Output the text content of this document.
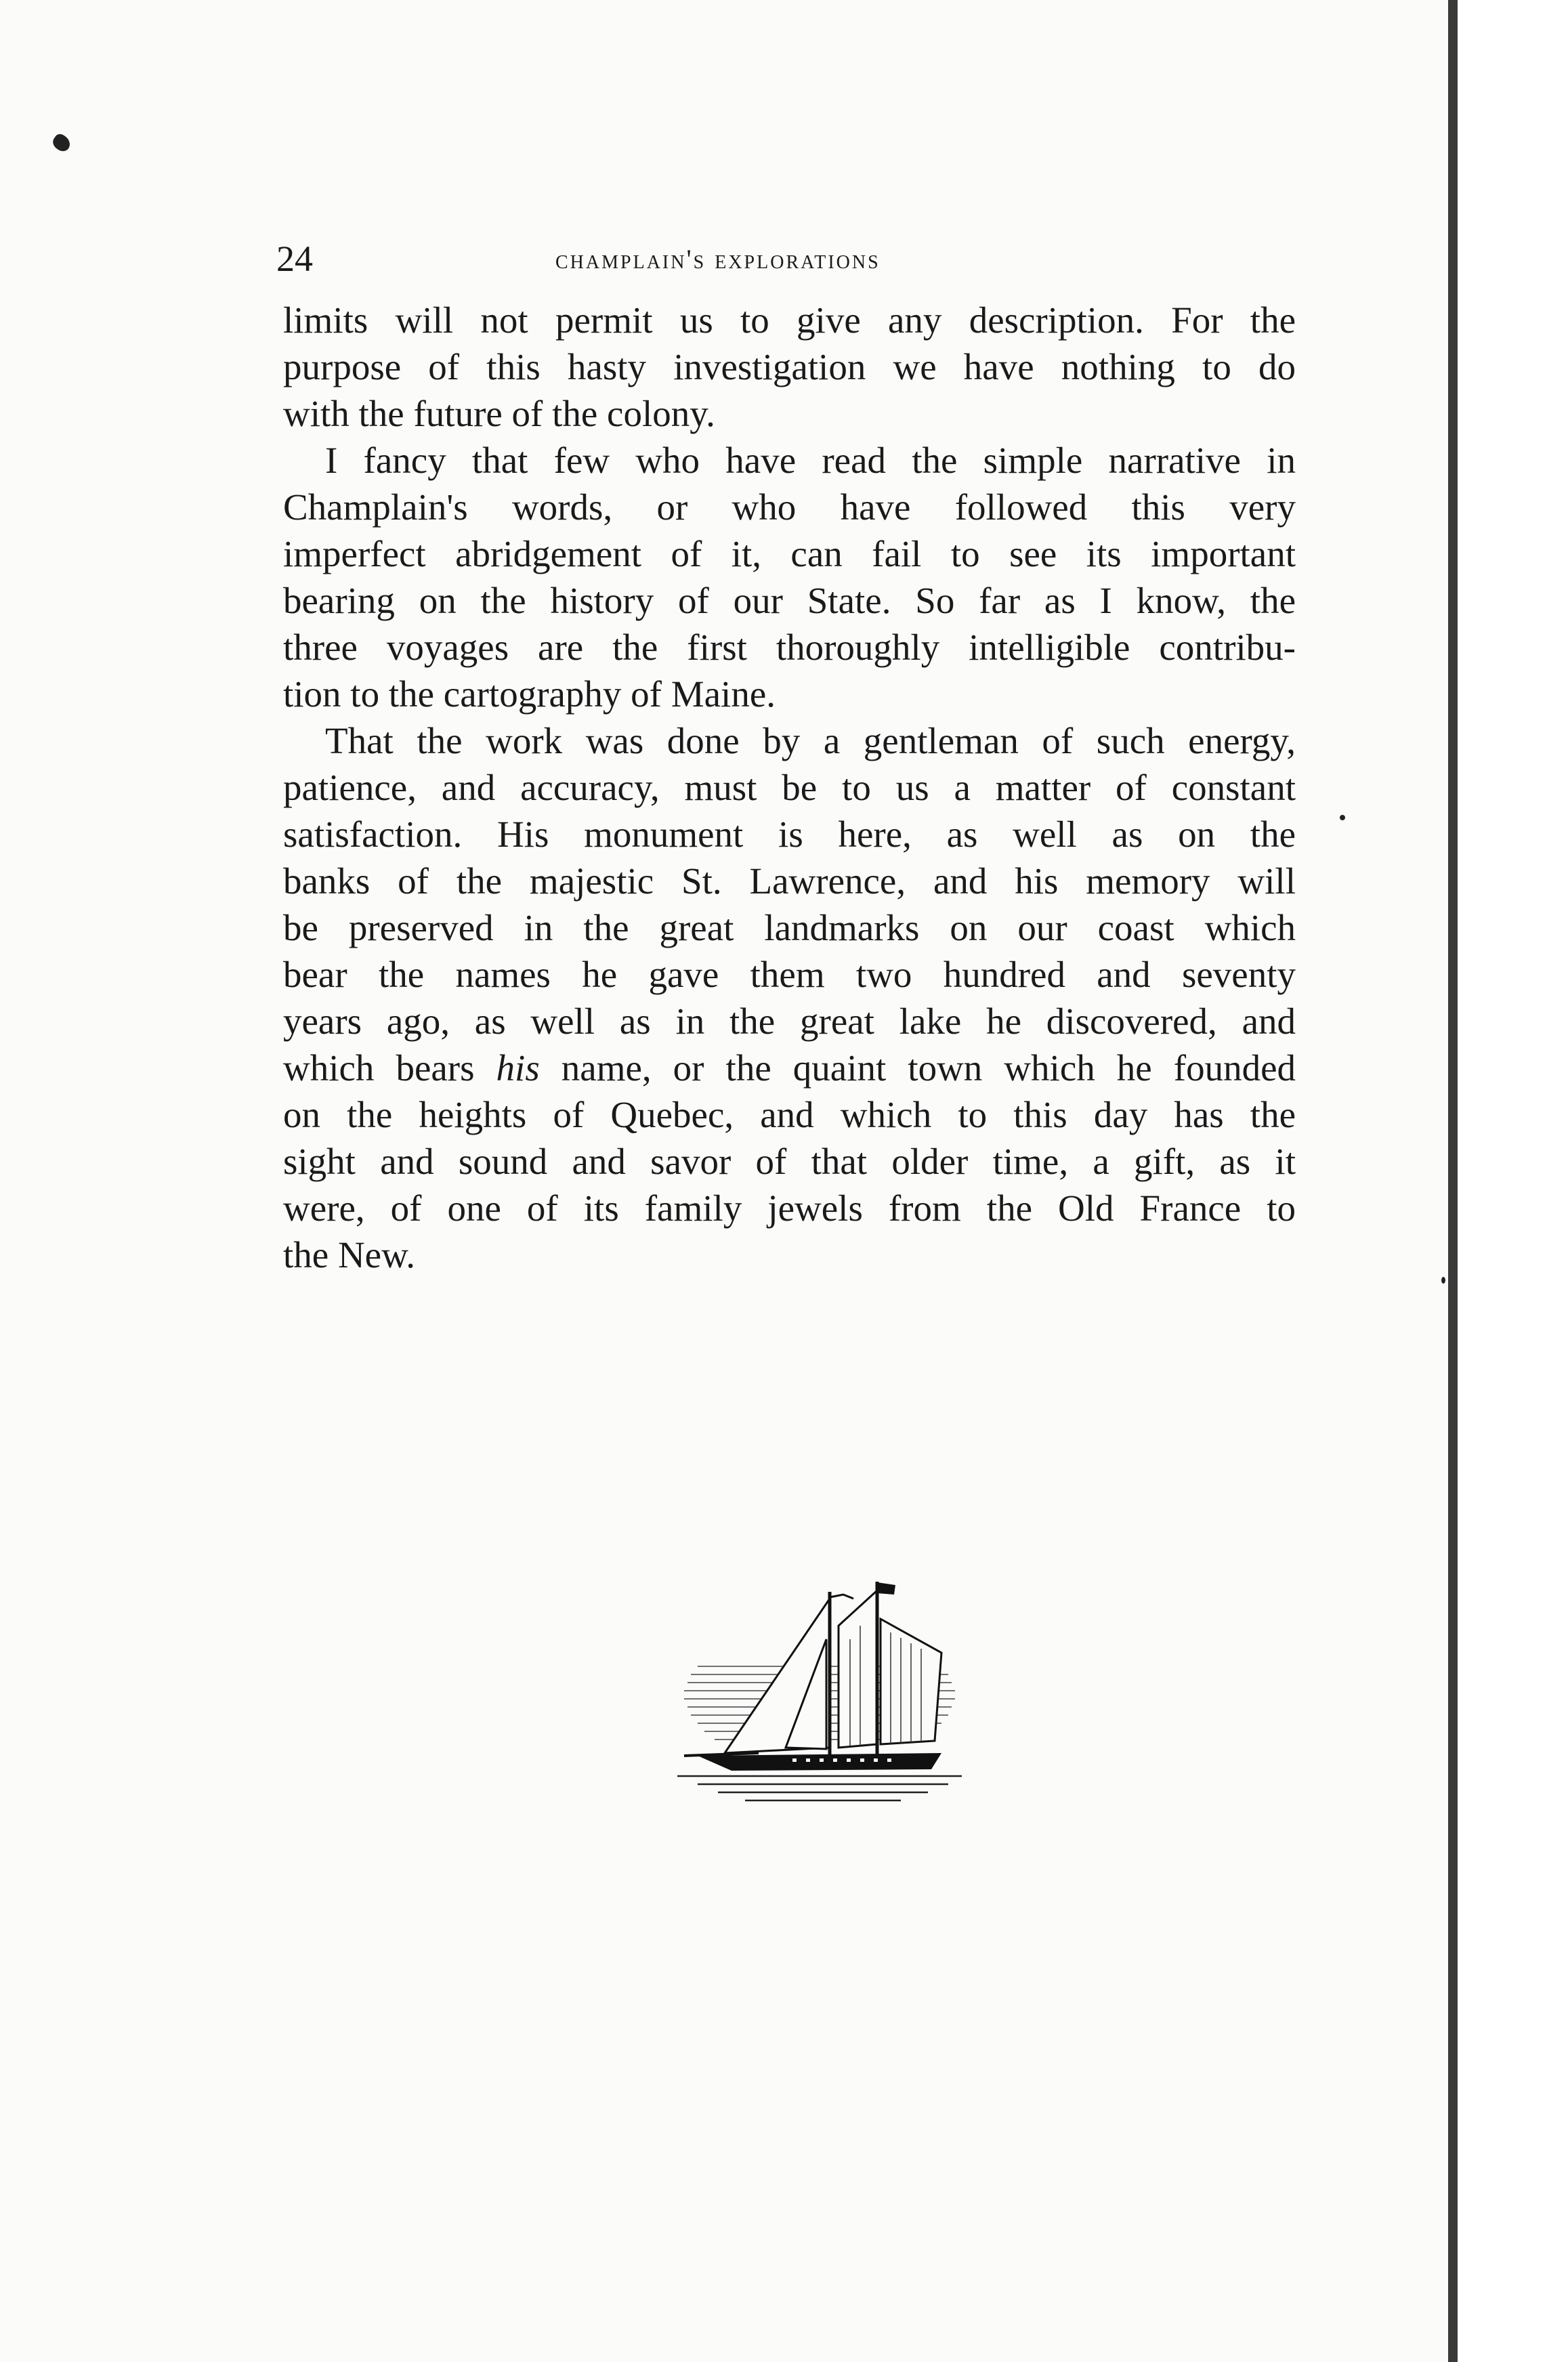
24	champlain's explorations
limits will not permit us to give any description. For the
purpose of this hasty investigation we have nothing to do
with the future of the colony.
I fancy that few who have read the simple narrative in
Champlain's words, or who have followed this very
imperfect abridgement of it, can fail to see its important
bearing on the history of our State. So far as I know, the
three voyages are the first thoroughly intelligible contribu-
tion to the cartography of Maine.
That the work was done by a gentleman of such energy,
patience, and accuracy, must be to us a matter of constant
satisfaction. His monument is here, as well as on the
banks of the majestic St. Lawrence, and his memory will
be preserved in the great landmarks on our coast which
bear the names he gave them two hundred and seventy
years ago, as well as in the great lake he discovered, and
which bears his name, or the quaint town which he founded
on the heights of Quebec, and which to this day has the
sight and sound and savor of that older time, a gift, as it
were, of one of its family jewels from the Old France to
the New.
